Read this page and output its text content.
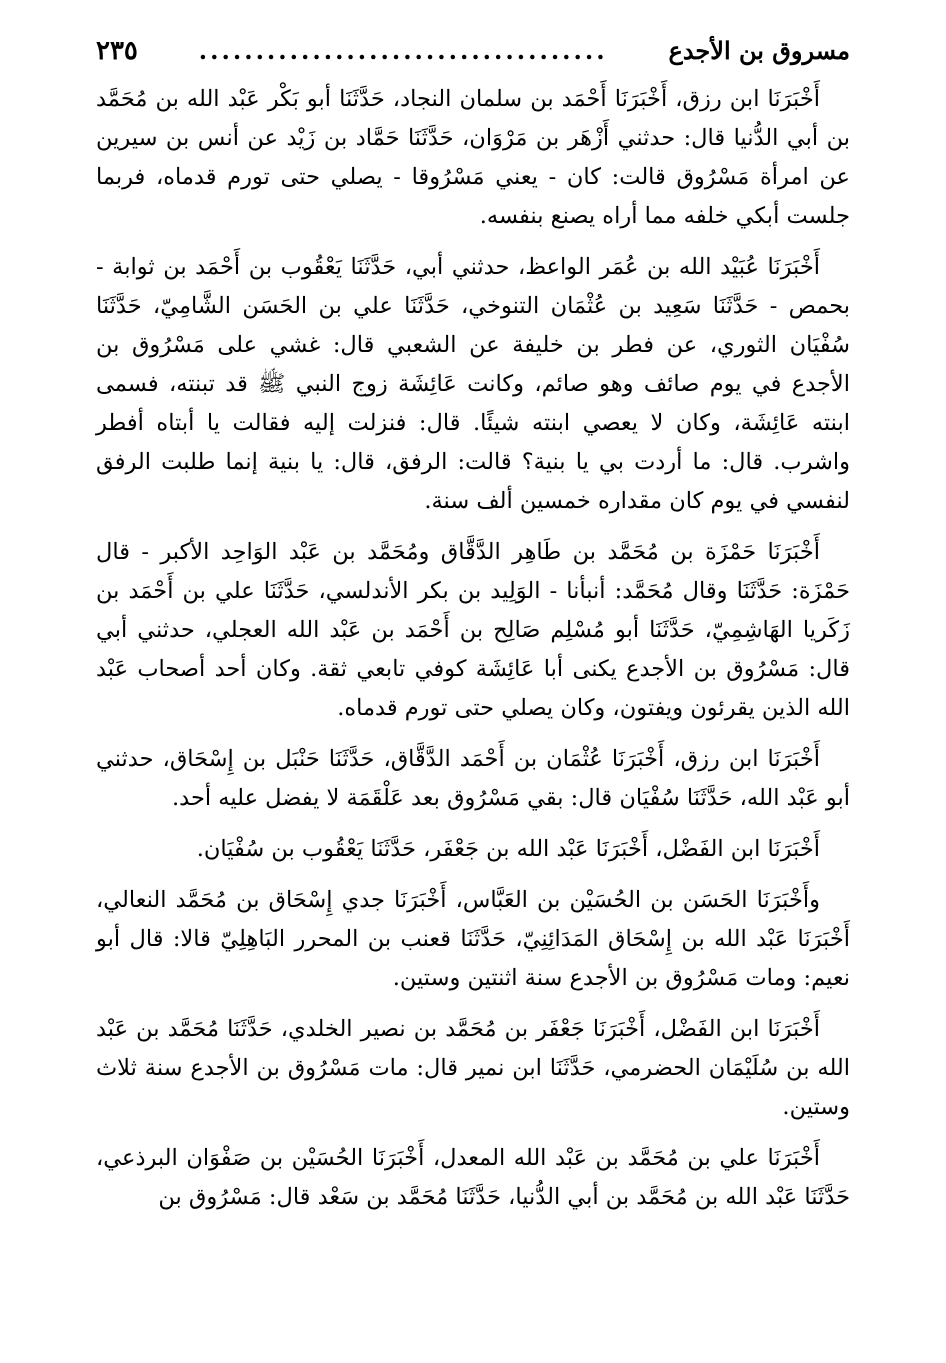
مسروق بن الأجدع
....................................
٢٣٥

أَخْبَرَنَا ابن رزق، أَخْبَرَنَا أَحْمَد بن سلمان النجاد، حَدَّثَنَا أبو بَكْر عَبْد الله بن مُحَمَّد بن أبي الدُّنيا قال: حدثني أَزْهَر بن مَرْوَان، حَدَّثَنَا حَمَّاد بن زَيْد عن أنس بن سيرين عن امرأة مَسْرُوق قالت: كان - يعني مَسْرُوقا - يصلي حتى تورم قدماه، فربما جلست أبكي خلفه مما أراه يصنع بنفسه.

أَخْبَرَنَا عُبَيْد الله بن عُمَر الواعظ، حدثني أبي، حَدَّثَنَا يَعْقُوب بن أَحْمَد بن ثوابة - بحمص - حَدَّثَنَا سَعِيد بن عُثْمَان التنوخي، حَدَّثَنَا علي بن الحَسَن الشَّامِيّ، حَدَّثَنَا سُفْيَان الثوري، عن فطر بن خليفة عن الشعبي قال: غشي على مَسْرُوق بن الأجدع في يوم صائف وهو صائم، وكانت عَائِشَة زوج النبي ﷺ قد تبنته، فسمى ابنته عَائِشَة، وكان لا يعصي ابنته شيئًا. قال: فنزلت إليه فقالت يا أبتاه أفطر واشرب. قال: ما أردت بي يا بنية؟ قالت: الرفق، قال: يا بنية إنما طلبت الرفق لنفسي في يوم كان مقداره خمسين ألف سنة.

أَخْبَرَنَا حَمْزَة بن مُحَمَّد بن طَاهِر الدَّقَّاق ومُحَمَّد بن عَبْد الوَاحِد الأكبر - قال حَمْزَة: حَدَّثَنَا وقال مُحَمَّد: أنبأنا - الوَلِيد بن بكر الأندلسي، حَدَّثَنَا علي بن أَحْمَد بن زَكَريا الهَاشِمِيّ، حَدَّثَنَا أبو مُسْلِم صَالِح بن أَحْمَد بن عَبْد الله العجلي، حدثني أبي قال: مَسْرُوق بن الأجدع يكنى أبا عَائِشَة كوفي تابعي ثقة. وكان أحد أصحاب عَبْد الله الذين يقرئون ويفتون، وكان يصلي حتى تورم قدماه.

أَخْبَرَنَا ابن رزق، أَخْبَرَنَا عُثْمَان بن أَحْمَد الدَّقَّاق، حَدَّثَنَا حَنْبَل بن إِسْحَاق، حدثني أبو عَبْد الله، حَدَّثَنَا سُفْيَان قال: بقي مَسْرُوق بعد عَلْقَمَة لا يفضل عليه أحد.

أَخْبَرَنَا ابن الفَضْل، أَخْبَرَنَا عَبْد الله بن جَعْفَر، حَدَّثَنَا يَعْقُوب بن سُفْيَان.

وأَخْبَرَنَا الحَسَن بن الحُسَيْن بن العَبَّاس، أَخْبَرَنَا جدي إِسْحَاق بن مُحَمَّد النعالي، أَخْبَرَنَا عَبْد الله بن إِسْحَاق المَدَائِنِيّ، حَدَّثَنَا قعنب بن المحرر البَاهِلِيّ قالا: قال أبو نعيم: ومات مَسْرُوق بن الأجدع سنة اثنتين وستين.

أَخْبَرَنَا ابن الفَضْل، أَخْبَرَنَا جَعْفَر بن مُحَمَّد بن نصير الخلدي، حَدَّثَنَا مُحَمَّد بن عَبْد الله بن سُلَيْمَان الحضرمي، حَدَّثَنَا ابن نمير قال: مات مَسْرُوق بن الأجدع سنة ثلاث وستين.

أَخْبَرَنَا علي بن مُحَمَّد بن عَبْد الله المعدل، أَخْبَرَنَا الحُسَيْن بن صَفْوَان البرذعي، حَدَّثَنَا عَبْد الله بن مُحَمَّد بن أبي الدُّنيا، حَدَّثَنَا مُحَمَّد بن سَعْد قال: مَسْرُوق بن
